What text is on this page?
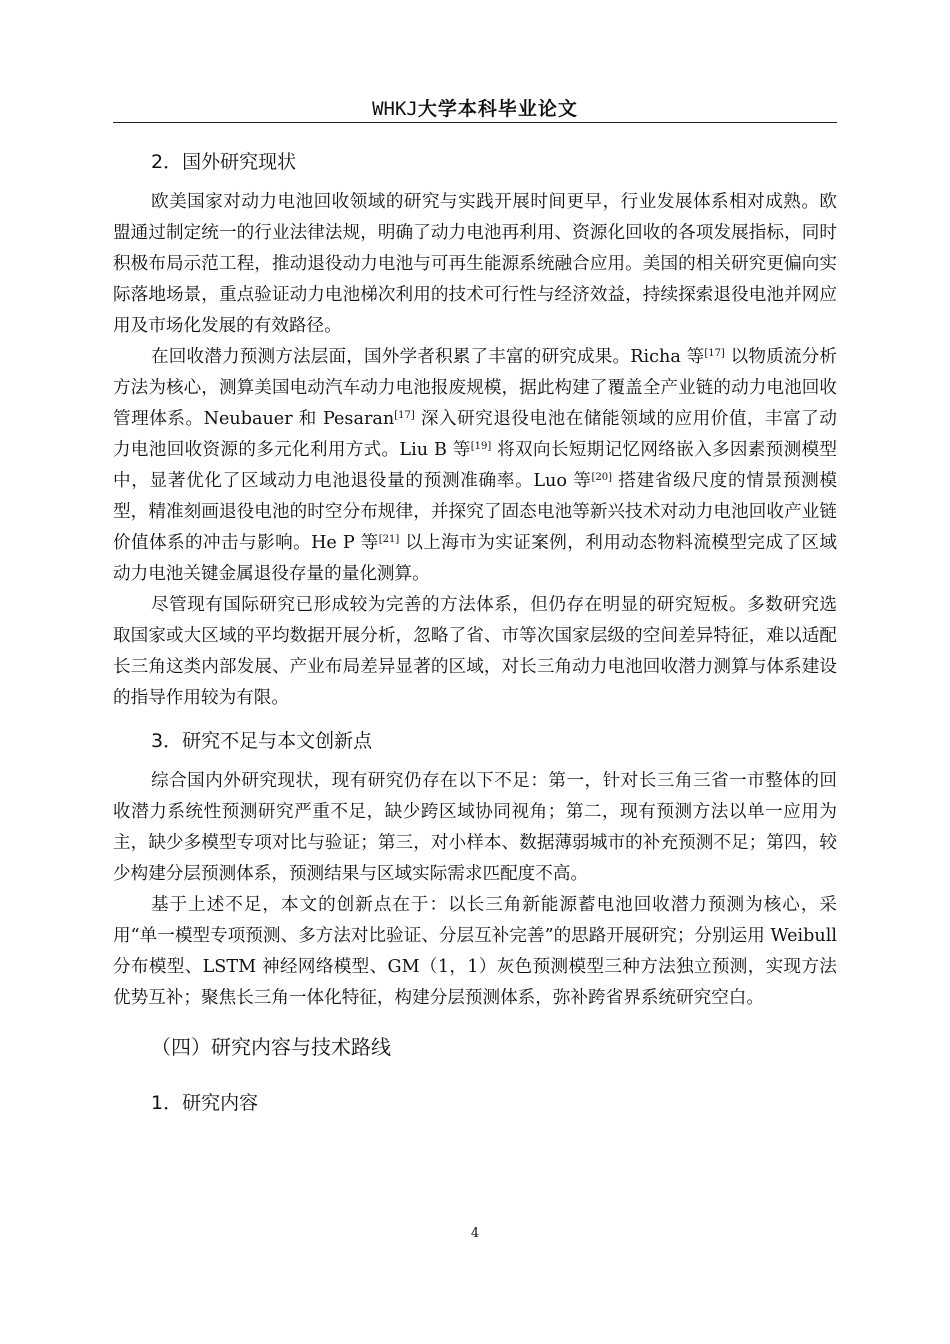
WHKJ大学本科毕业论文
2．国外研究现状

欧美国家对动力电池回收领域的研究与实践开展时间更早，行业发展体系相对成熟。欧盟通过制定统一的行业法律法规，明确了动力电池再利用、资源化回收的各项发展指标，同时积极布局示范工程，推动退役动力电池与可再生能源系统融合应用。美国的相关研究更偏向实际落地场景，重点验证动力电池梯次利用的技术可行性与经济效益，持续探索退役电池并网应用及市场化发展的有效路径。

在回收潜力预测方法层面，国外学者积累了丰富的研究成果。Richa 等[17] 以物质流分析方法为核心，测算美国电动汽车动力电池报废规模，据此构建了覆盖全产业链的动力电池回收管理体系。Neubauer 和 Pesaran[17] 深入研究退役电池在储能领域的应用价值，丰富了动力电池回收资源的多元化利用方式。Liu B 等[19] 将双向长短期记忆网络嵌入多因素预测模型中，显著优化了区域动力电池退役量的预测准确率。Luo 等[20] 搭建省级尺度的情景预测模型，精准刻画退役电池的时空分布规律，并探究了固态电池等新兴技术对动力电池回收产业链价值体系的冲击与影响。He P 等[21] 以上海市为实证案例，利用动态物料流模型完成了区域动力电池关键金属退役存量的量化测算。

尽管现有国际研究已形成较为完善的方法体系，但仍存在明显的研究短板。多数研究选取国家或大区域的平均数据开展分析，忽略了省、市等次国家层级的空间差异特征，难以适配长三角这类内部发展、产业布局差异显著的区域，对长三角动力电池回收潜力测算与体系建设的指导作用较为有限。

3．研究不足与本文创新点

综合国内外研究现状，现有研究仍存在以下不足：第一，针对长三角三省一市整体的回收潜力系统性预测研究严重不足，缺少跨区域协同视角；第二，现有预测方法以单一应用为主，缺少多模型专项对比与验证；第三，对小样本、数据薄弱城市的补充预测不足；第四，较少构建分层预测体系，预测结果与区域实际需求匹配度不高。

基于上述不足，本文的创新点在于：以长三角新能源蓄电池回收潜力预测为核心，采用“单一模型专项预测、多方法对比验证、分层互补完善”的思路开展研究；分别运用 Weibull 分布模型、LSTM 神经网络模型、GM（1，1）灰色预测模型三种方法独立预测，实现方法优势互补；聚焦长三角一体化特征，构建分层预测体系，弥补跨省界系统研究空白。

（四）研究内容与技术路线
1．研究内容
4
